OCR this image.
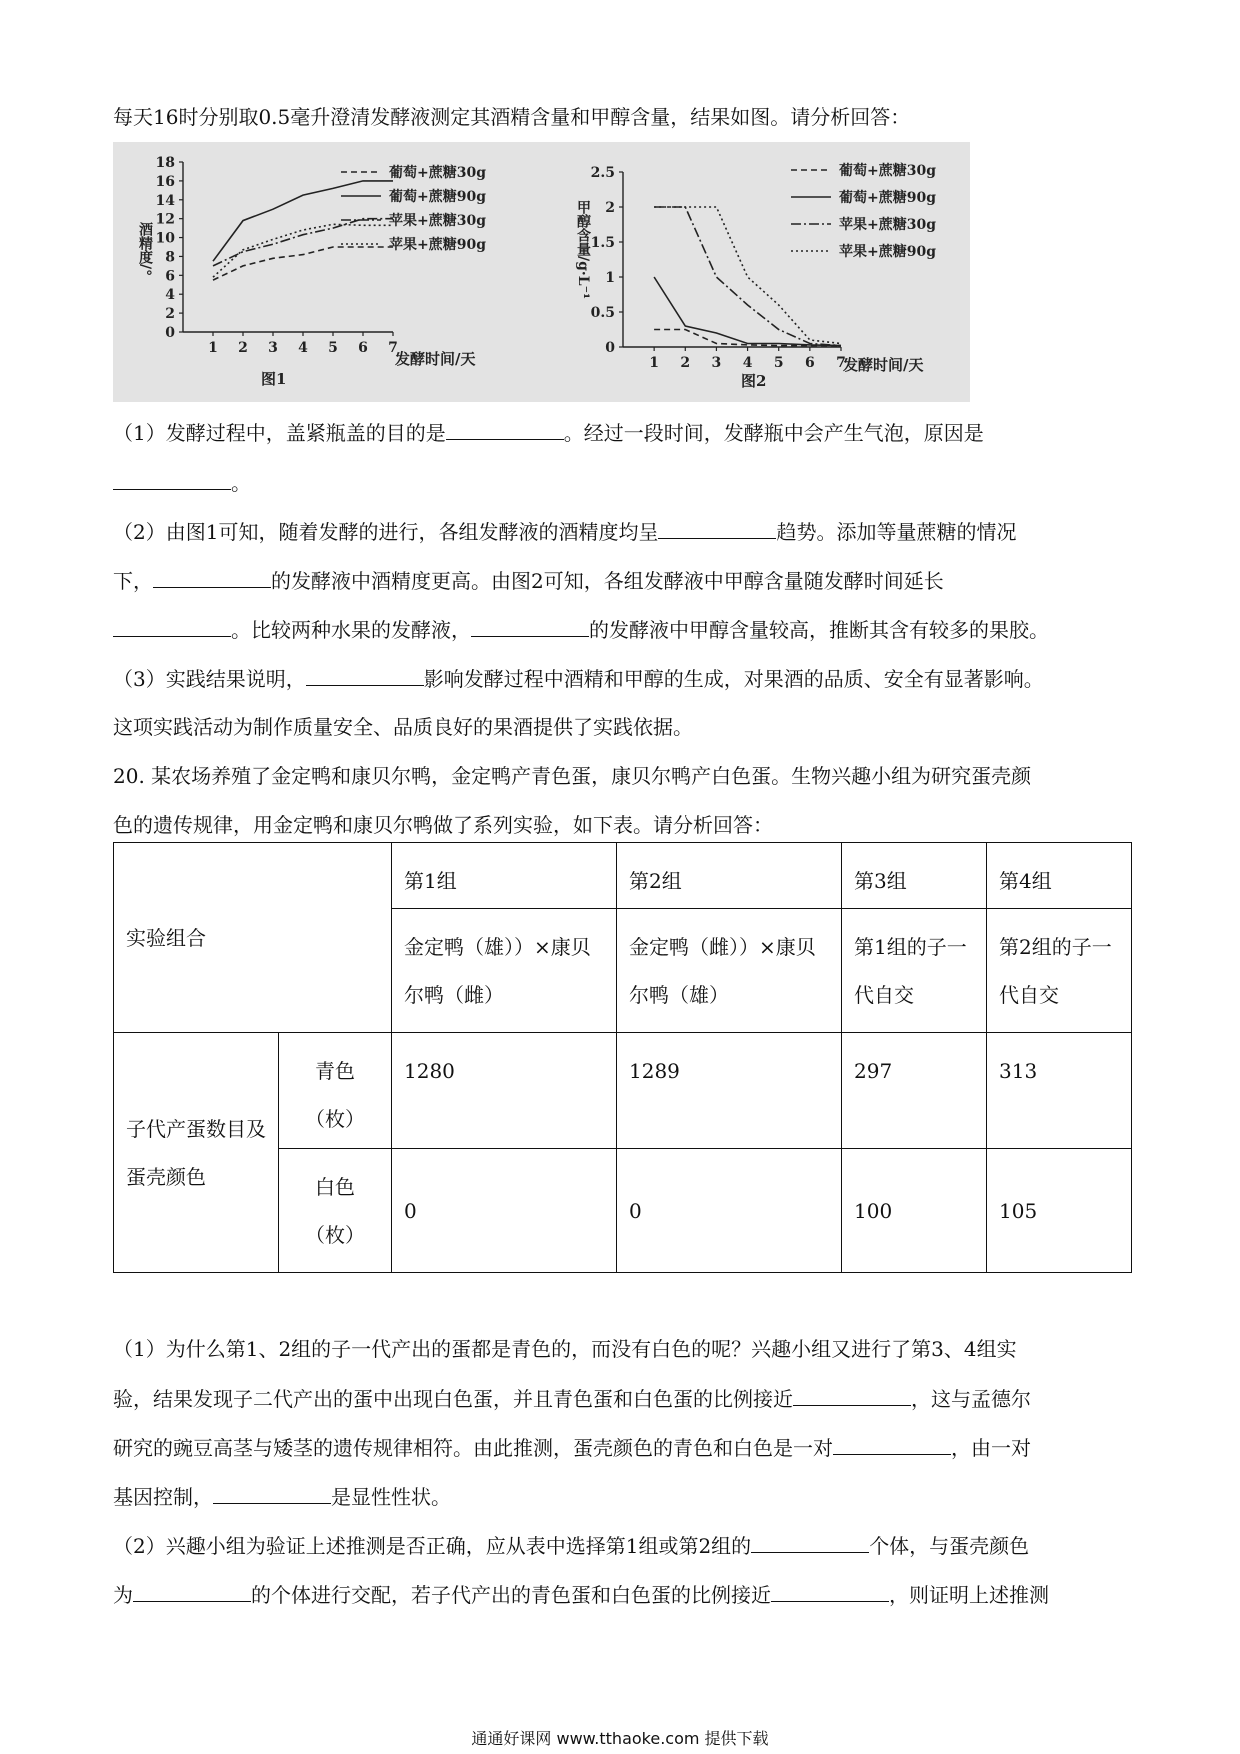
每天16时分别取0.5毫升澄清发酵液测定其酒精含量和甲醇含量，结果如图。请分析回答：
酒精度/°
发酵时间/天
图1
0
2
4
6
8
10
12
14
16
18
1 2 3 4 5 6 7
葡萄+蔗糖30g
葡萄+蔗糖90g
苹果+蔗糖30g
苹果+蔗糖90g	甲醇含量/g·L⁻¹
发酵时间/天
图2
0
0.5
1
1.5
2
2.5
1 2 3 4 5 6 7
葡萄+蔗糖30g
葡萄+蔗糖90g
苹果+蔗糖30g
苹果+蔗糖90g
（1）发酵过程中，盖紧瓶盖的目的是	。经过一段时间，发酵瓶中会产生气泡，原因是
。
（2）由图1可知，随着发酵的进行，各组发酵液的酒精度均呈	趋势。添加等量蔗糖的情况
下，	的发酵液中酒精度更高。由图2可知，各组发酵液中甲醇含量随发酵时间延长
。比较两种水果的发酵液，	的发酵液中甲醇含量较高，推断其含有较多的果胶。
（3）实践结果说明，	影响发酵过程中酒精和甲醇的生成，对果酒的品质、安全有显著影响。
这项实践活动为制作质量安全、品质良好的果酒提供了实践依据。
20. 某农场养殖了金定鸭和康贝尔鸭，金定鸭产青色蛋，康贝尔鸭产白色蛋。生物兴趣小组为研究蛋壳颜
色的遗传规律，用金定鸭和康贝尔鸭做了系列实验，如下表。请分析回答：
实验组合		第1组	第2组	第3组	第4组
		金定鸭（雄））×康贝尔鸭（雌）	金定鸭（雌））×康贝尔鸭（雄）	第1组的子一代自交	第2组的子一代自交
子代产蛋数目及蛋壳颜色	青色（枚）	1280	1289	297	313
	白色（枚）	0	0	100	105
（1）为什么第1、2组的子一代产出的蛋都是青色的，而没有白色的呢？兴趣小组又进行了第3、4组实
验，结果发现子二代产出的蛋中出现白色蛋，并且青色蛋和白色蛋的比例接近	，这与孟德尔
研究的豌豆高茎与矮茎的遗传规律相符。由此推测，蛋壳颜色的青色和白色是一对	，由一对
基因控制，	是显性性状。
（2）兴趣小组为验证上述推测是否正确，应从表中选择第1组或第2组的	个体，与蛋壳颜色
为	的个体进行交配，若子代产出的青色蛋和白色蛋的比例接近	，则证明上述推测
通通好课网 www.tthaoke.com 提供下载
